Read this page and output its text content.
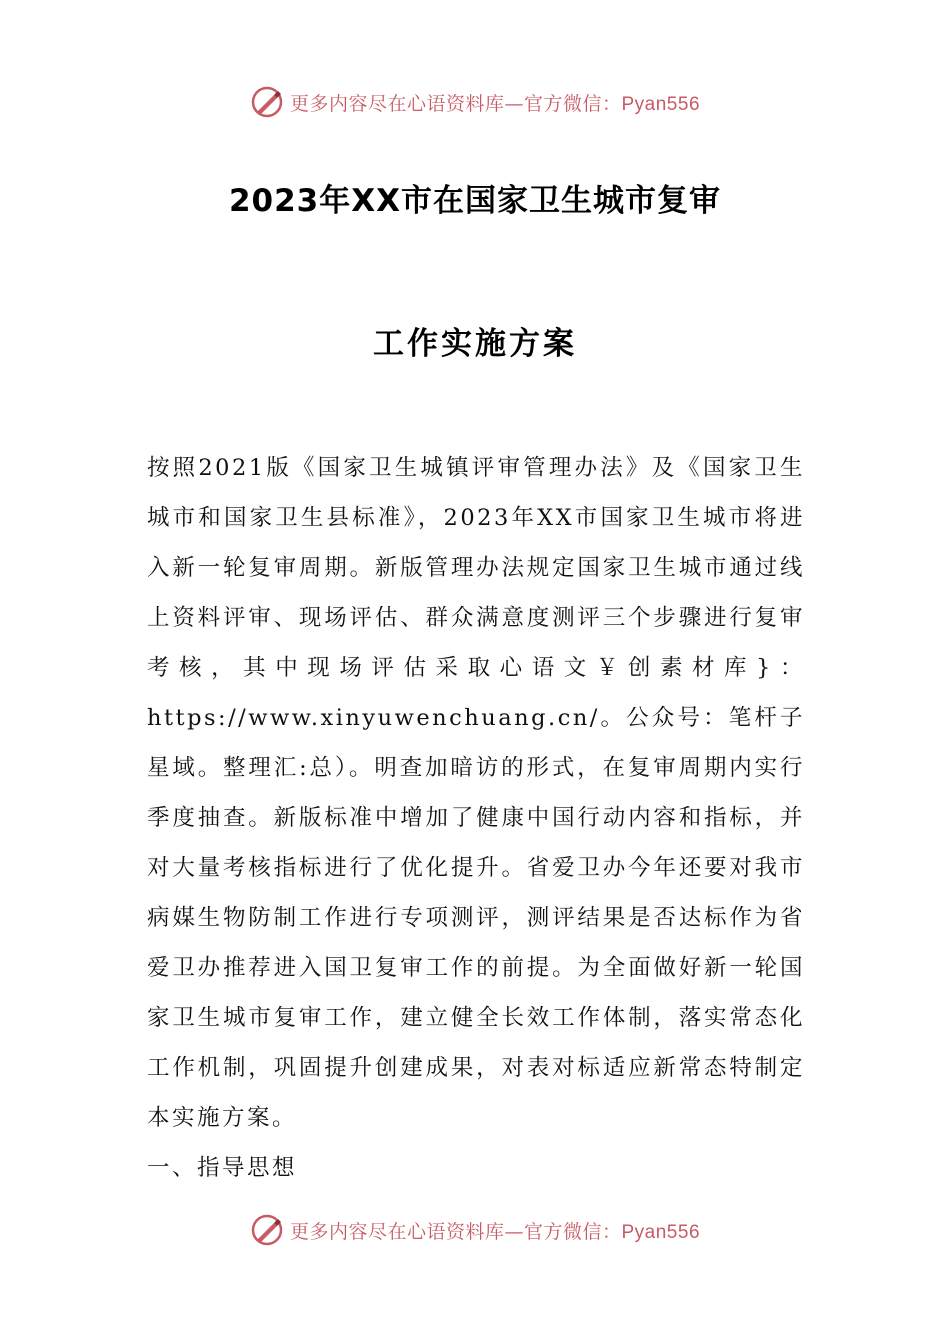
更多内容尽在心语资料库—官方微信：Pyan556
2023年XX市在国家卫生城市复审
工作实施方案

按照2021版《国家卫生城镇评审管理办法》及《国家卫生城市和国家卫生县标准》，2023年XX市国家卫生城市将进入新一轮复审周期。新版管理办法规定国家卫生城市通过线上资料评审、现场评估、群众满意度测评三个步骤进行复审考核，其中现场评估采取心语文￥创素材库}：https://www.xinyuwenchuang.cn/。公众号：笔杆子星域。整理汇:总）。明查加暗访的形式，在复审周期内实行季度抽查。新版标准中增加了健康中国行动内容和指标，并对大量考核指标进行了优化提升。省爱卫办今年还要对我市病媒生物防制工作进行专项测评，测评结果是否达标作为省爱卫办推荐进入国卫复审工作的前提。为全面做好新一轮国家卫生城市复审工作，建立健全长效工作体制，落实常态化工作机制，巩固提升创建成果，对表对标适应新常态特制定本实施方案。

一、指导思想

更多内容尽在心语资料库—官方微信：Pyan556
